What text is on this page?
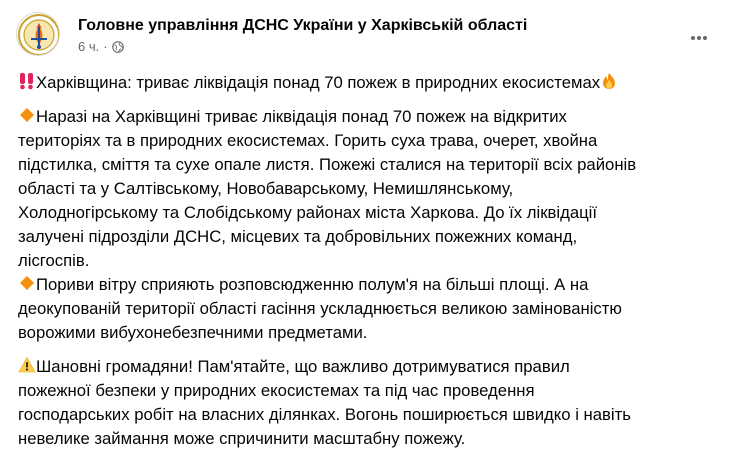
Головне управління ДСНС України у Харківській області
6 ч. ·
Харківщина: триває ліквідація понад 70 пожеж в природних екосистемах
Наразі на Харківщині триває ліквідація понад 70 пожеж на відкритих
територіях та в природних екосистемах. Горить суха трава, очерет, хвойна
підстилка, сміття та сухе опале листя. Пожежі сталися на території всіх районів
області та у Салтівському, Новобаварському, Немишлянському,
Холодногірському та Слобідському районах міста Харкова. До їх ліквідації
залучені підрозділи ДСНС, місцевих та добровільних пожежних команд,
лісгоспів.
Пориви вітру сприяють розповсюдженню полум'я на більші площі. А на
деокупованій території області гасіння ускладнюється великою замінованістю
ворожими вибухонебезпечними предметами.
Шановні громадяни! Пам'ятайте, що важливо дотримуватися правил
пожежної безпеки у природних екосистемах та під час проведення
господарських робіт на власних ділянках. Вогонь поширюється швидко і навіть
невелике займання може спричинити масштабну пожежу.
